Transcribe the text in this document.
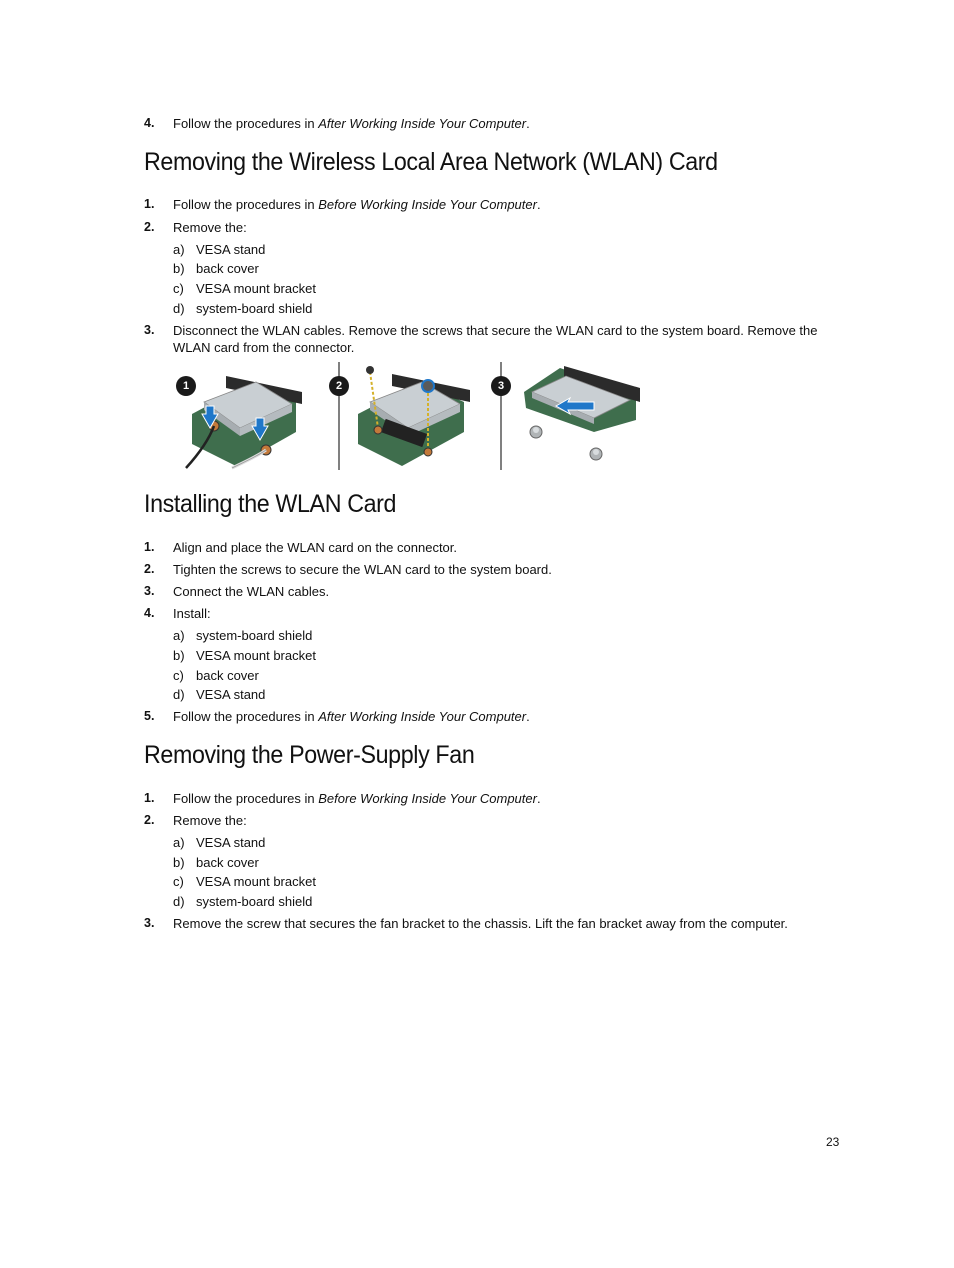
4. Follow the procedures in After Working Inside Your Computer.
Removing the Wireless Local Area Network (WLAN) Card
1. Follow the procedures in Before Working Inside Your Computer.
2. Remove the:
a) VESA stand
b) back cover
c) VESA mount bracket
d) system-board shield
3. Disconnect the WLAN cables. Remove the screws that secure the WLAN card to the system board. Remove the WLAN card from the connector.
1	2	3
Installing the WLAN Card
1. Align and place the WLAN card on the connector.
2. Tighten the screws to secure the WLAN card to the system board.
3. Connect the WLAN cables.
4. Install:
a) system-board shield
b) VESA mount bracket
c) back cover
d) VESA stand
5. Follow the procedures in After Working Inside Your Computer.
Removing the Power-Supply Fan
1. Follow the procedures in Before Working Inside Your Computer.
2. Remove the:
a) VESA stand
b) back cover
c) VESA mount bracket
d) system-board shield
3. Remove the screw that secures the fan bracket to the chassis. Lift the fan bracket away from the computer.
23
